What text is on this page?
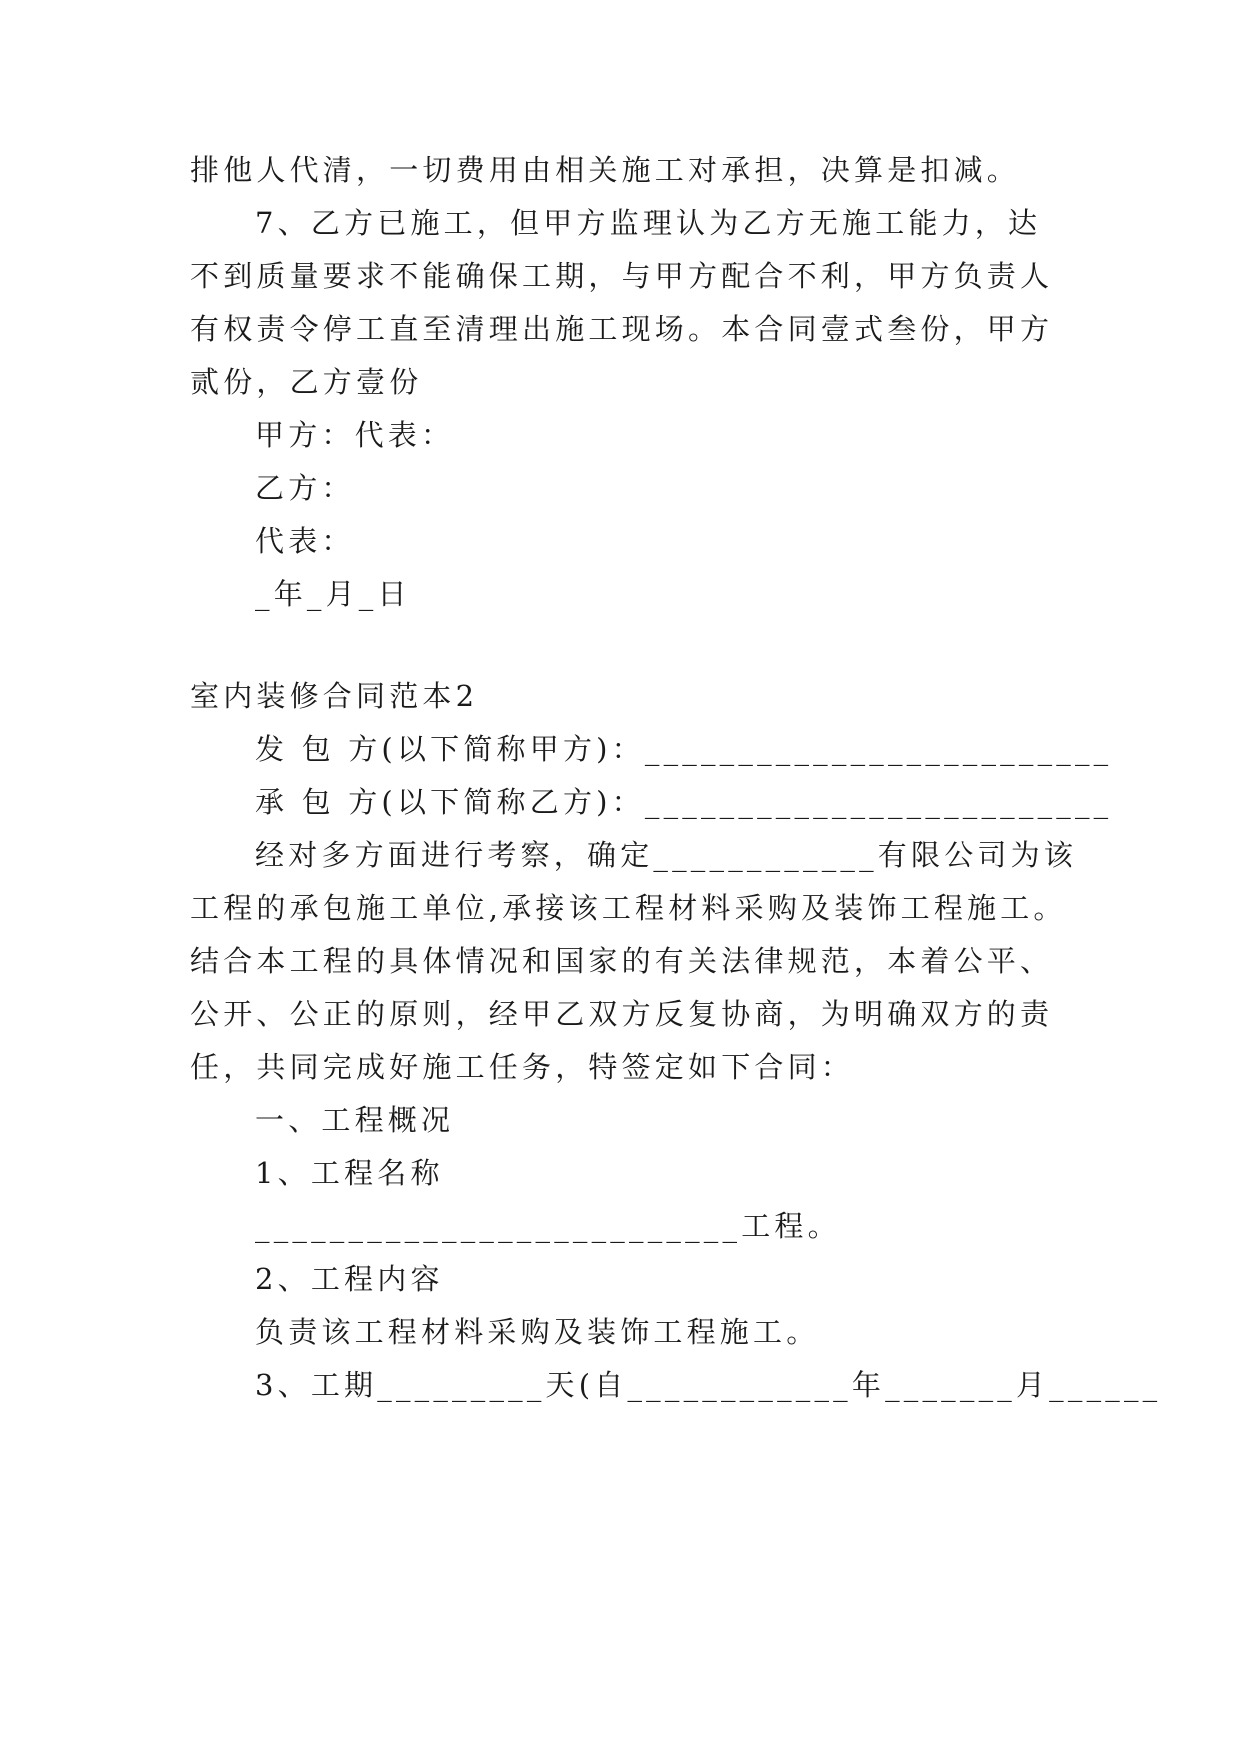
排他人代清，一切费用由相关施工对承担，决算是扣减。
7、乙方已施工，但甲方监理认为乙方无施工能力，达
不到质量要求不能确保工期，与甲方配合不利，甲方负责人
有权责令停工直至清理出施工现场。本合同壹式叁份，甲方
贰份，乙方壹份
甲方：代表：
乙方：
代表：
_年_月_日
室内装修合同范本2
发 包 方(以下简称甲方)：_________________________
承 包 方(以下简称乙方)：_________________________
经对多方面进行考察，确定____________有限公司为该
工程的承包施工单位,承接该工程材料采购及装饰工程施工。
结合本工程的具体情况和国家的有关法律规范，本着公平、
公开、公正的原则，经甲乙双方反复协商，为明确双方的责
任，共同完成好施工任务，特签定如下合同：
一、工程概况
1、工程名称
__________________________工程。
2、工程内容
负责该工程材料采购及装饰工程施工。
3、工期_________天(自____________年_______月______
